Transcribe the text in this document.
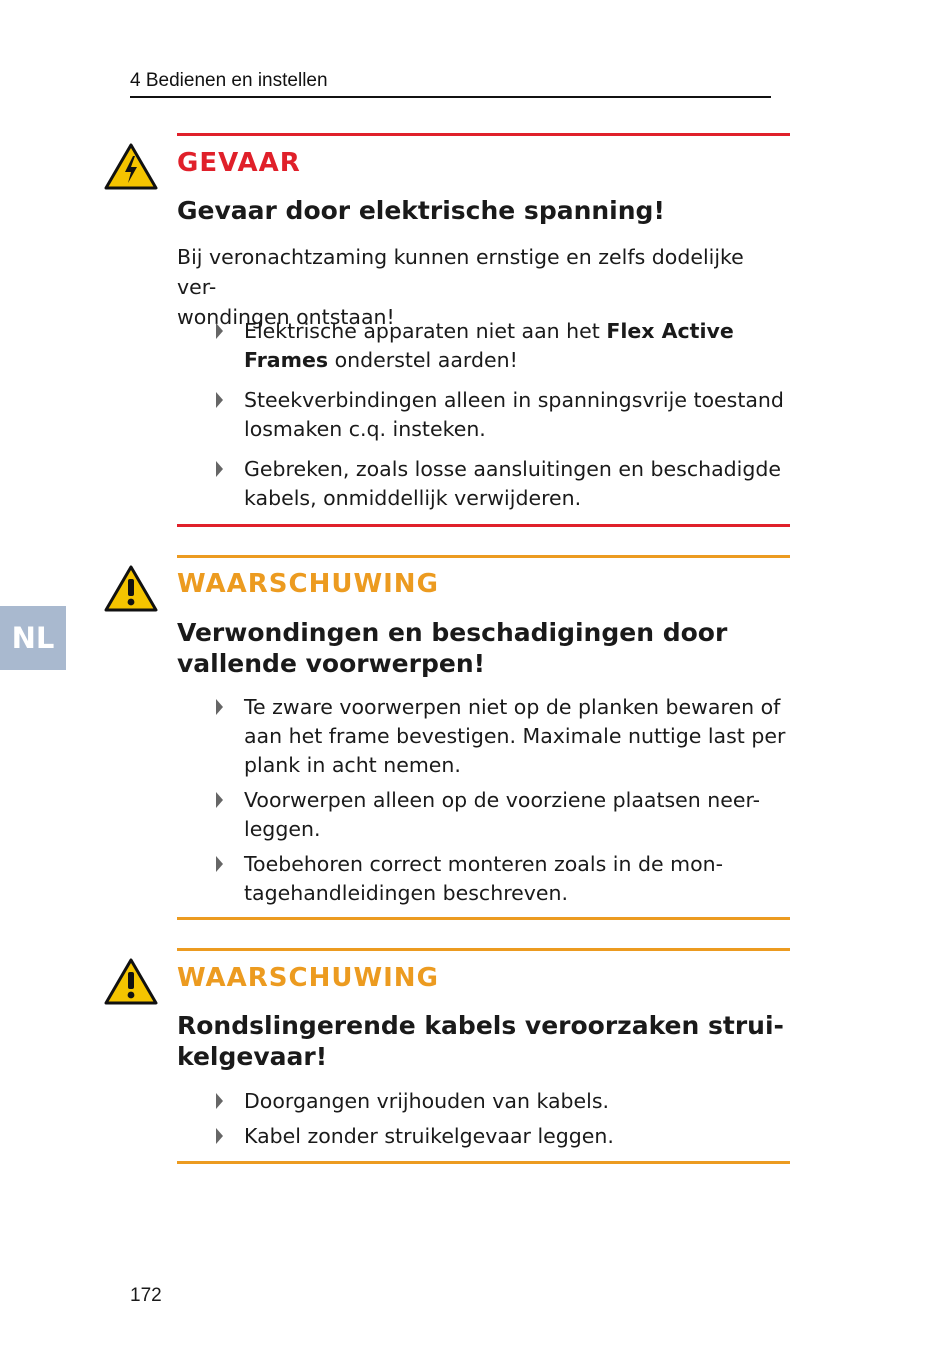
4 Bedienen en instellen
NL
GEVAAR
Gevaar door elektrische spanning!
Bij veronachtzaming kunnen ernstige en zelfs dodelijke ver-
wondingen ontstaan!
Elektrische apparaten niet aan het Flex Active
Frames onderstel aarden!
Steekverbindingen alleen in spanningsvrije toestand
losmaken c.q. insteken.
Gebreken, zoals losse aansluitingen en beschadigde
kabels, onmiddellijk verwijderen.
WAARSCHUWING
Verwondingen en beschadigingen door
vallende voorwerpen!
Te zware voorwerpen niet op de planken bewaren of
aan het frame bevestigen. Maximale nuttige last per
plank in acht nemen.
Voorwerpen alleen op de voorziene plaatsen neer-
leggen.
Toebehoren correct monteren zoals in de mon-
tagehandleidingen beschreven.
WAARSCHUWING
Rondslingerende kabels veroorzaken strui-
kelgevaar!
Doorgangen vrijhouden van kabels.
Kabel zonder struikelgevaar leggen.
172
